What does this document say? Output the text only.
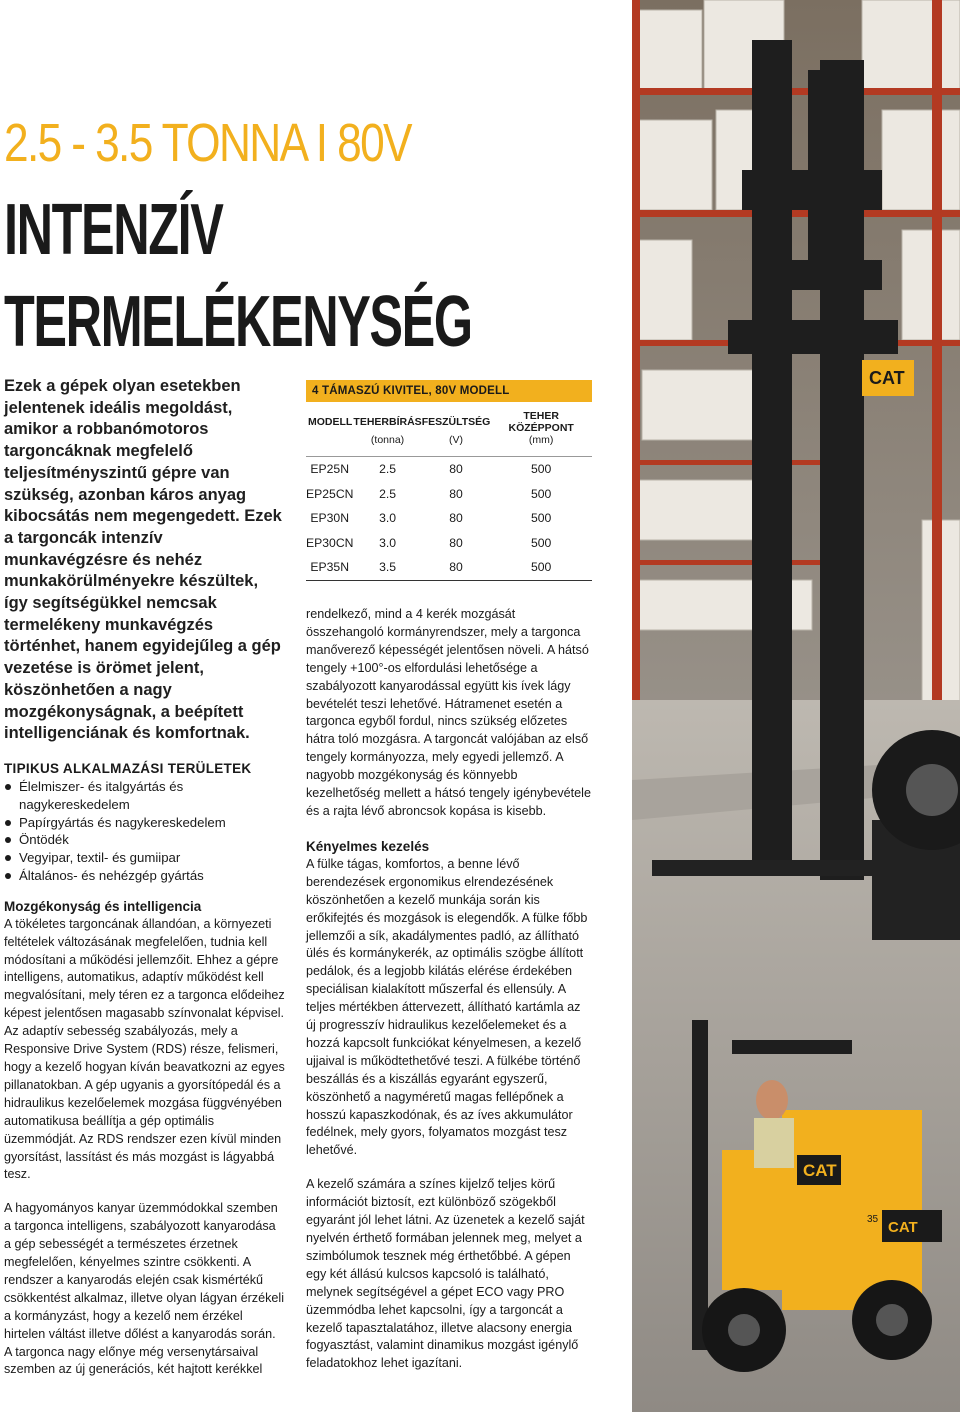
CAT
CAT
CAT
35
2.5 - 3.5 TONNA I 80V
INTENZÍV
TERMELÉKENYSÉG

Ezek a gépek olyan esetekben jelentenek ideális megoldást, amikor a robbanómotoros targoncáknak megfelelő teljesítményszintű gépre van szükség, azonban káros anyag kibocsátás nem megengedett. Ezek a targoncák intenzív munkavégzésre és nehéz munkakörülményekre készültek, így segítségükkel nemcsak termelékeny munkavégzés történhet, hanem egyidejűleg a gép vezetése is örömet jelent, köszönhetően a nagy mozgékonyságnak, a beépített intelligenciának és komfortnak.

TIPIKUS ALKALMAZÁSI TERÜLETEK
Élelmiszer- és italgyártás és nagykereskedelem
Papírgyártás és nagykereskedelem
Öntödék
Vegyipar, textil- és gumiipar
Általános- és nehézgép gyártás
Mozgékonyság és intelligencia

A tökéletes targoncának állandóan, a környezeti feltételek változásának megfelelően, tudnia kell módosítani a működési jellemzőit. Ehhez a gépre intelligens, automatikus, adaptív működést kell megvalósítani, mely téren ez a targonca elődeihez képest jelentősen magasabb színvonalat képvisel. Az adaptív sebesség szabályozás, mely a Responsive Drive System (RDS) része, felismeri, hogy a kezelő hogyan kíván beavatkozni az egyes pillanatokban. A gép ugyanis a gyorsítópedál és a hidraulikus kezelőelemek mozgása függvényében automatikusa beállítja a gép optimális üzemmódját. Az RDS rendszer ezen kívül minden gyorsítást, lassítást és más mozgást is lágyabbá tesz.

A hagyományos kanyar üzemmódokkal szemben a targonca intelligens, szabályozott kanyarodása a gép sebességét a természetes érzetnek megfelelően, kényelmes szintre csökkenti. A rendszer a kanyarodás elején csak kismértékű csökkentést alkalmaz, illetve olyan lágyan érzékeli a kormányzást, hogy a kezelő nem érzékel hirtelen váltást illetve dőlést a kanyarodás során. A targonca nagy előnye még versenytársaival szemben az új generációs, két hajtott kerékkel

4 TÁMASZÚ KIVITEL, 80V MODELL
MODELL	TEHERBÍRÁS	FESZÜLTSÉG	TEHER KÖZÉPPONT
	(tonna)	(V)	(mm)
EP25N	2.5	80	500
EP25CN	2.5	80	500
EP30N	3.0	80	500
EP30CN	3.0	80	500
EP35N	3.5	80	500

rendelkező, mind a 4 kerék mozgását összehangoló kormányrendszer, mely a targonca manőverező képességét jelentősen növeli. A hátsó tengely +100°-os elfordulási lehetősége a szabályozott kanyarodással együtt kis ívek lágy bevételét teszi lehetővé. Hátramenet esetén a targonca egyből fordul, nincs szükség előzetes hátra toló mozgásra. A targoncát valójában az első tengely kormányozza, mely egyedi jellemző. A nagyobb mozgékonyság és könnyebb kezelhetőség mellett a hátsó tengely igénybevétele és a rajta lévő abroncsok kopása is kisebb.

Kényelmes kezelés

A fülke tágas, komfortos, a benne lévő berendezések ergonomikus elrendezésének köszönhetően a kezelő munkája során kis erőkifejtés és mozgások is elegendők. A fülke főbb jellemzői a sík, akadálymentes padló, az állítható ülés és kormánykerék, az optimális szögbe állított pedálok, és a legjobb kilátás elérése érdekében speciálisan kialakított műszerfal és ellensúly. A teljes mértékben áttervezett, állítható kartámla az új progresszív hidraulikus kezelőelemeket és a hozzá kapcsolt funkciókat kényelmesen, a kezelő ujjaival is működtethetővé teszi. A fülkébe történő beszállás és a kiszállás egyaránt egyszerű, köszönhető a nagyméretű magas fellépőnek a hosszú kapaszkodónak, és az íves akkumulátor fedélnek, mely gyors, folyamatos mozgást tesz lehetővé.

A kezelő számára a színes kijelző teljes körű információt biztosít, ezt különböző szögekből egyaránt jól lehet látni. Az üzenetek a kezelő saját nyelvén érthető formában jelennek meg, melyet a szimbólumok tesznek még érthetőbbé. A gépen egy két állású kulcsos kapcsoló is található, melynek segítségével a gépet ECO vagy PRO üzemmódba lehet kapcsolni, így a targoncát a kezelő tapasztalatához, illetve alacsony energia fogyasztást, valamint dinamikus mozgást igénylő feladatokhoz lehet igazítani.
